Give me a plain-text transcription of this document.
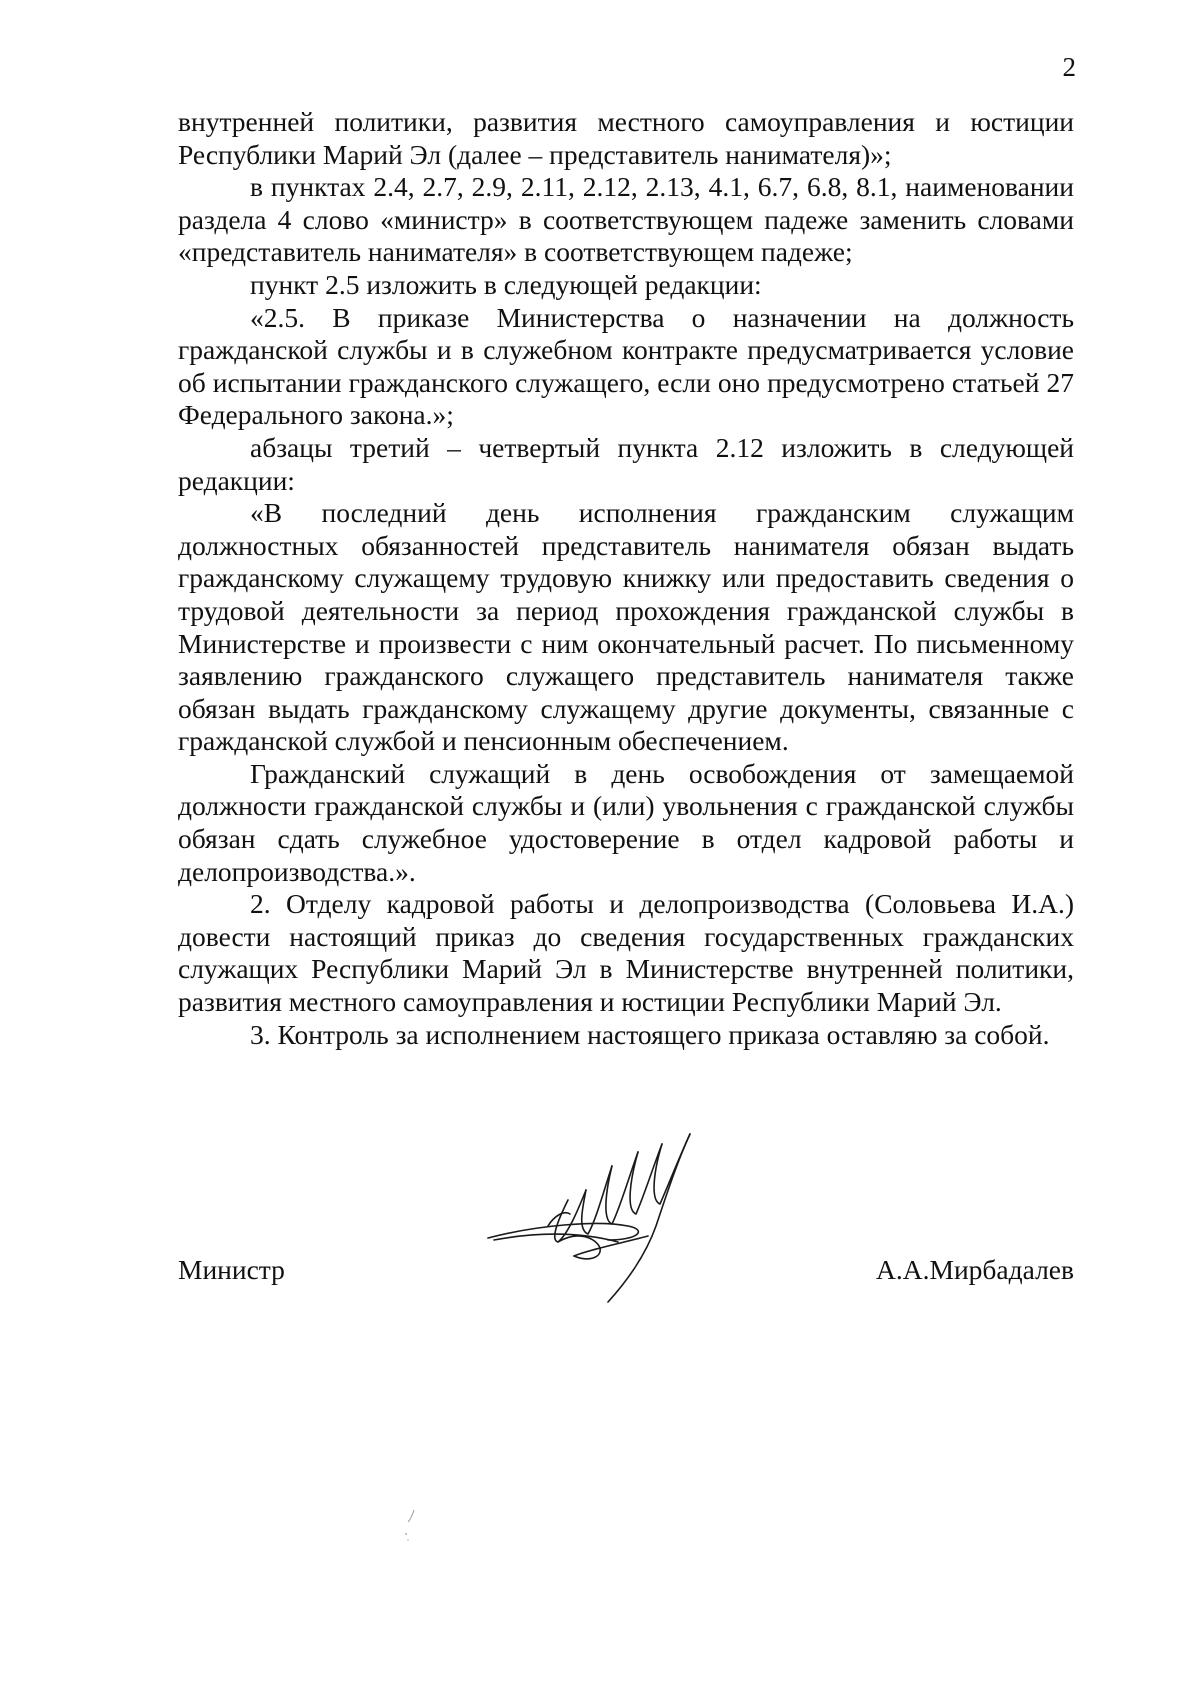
2

внутренней политики, развития местного самоуправления и юстиции Республики Марий Эл (далее – представитель нанимателя)»;

в пунктах 2.4, 2.7, 2.9, 2.11, 2.12, 2.13, 4.1, 6.7, 6.8, 8.1, наименовании раздела 4 слово «министр» в соответствующем падеже заменить словами «представитель нанимателя» в соответствующем падеже;

пункт 2.5 изложить в следующей редакции:

«2.5. В приказе Министерства о назначении на должность гражданской службы и в служебном контракте предусматривается условие об испытании гражданского служащего, если оно предусмотрено статьей 27 Федерального закона.»;

абзацы третий – четвертый пункта 2.12 изложить в следующей редакции:

«В последний день исполнения гражданским служащим должностных обязанностей представитель нанимателя обязан выдать гражданскому служащему трудовую книжку или предоставить сведения о трудовой деятельности за период прохождения гражданской службы в Министерстве и произвести с ним окончательный расчет. По письменному заявлению гражданского служащего представитель нанимателя также обязан выдать гражданскому служащему другие документы, связанные с гражданской службой и пенсионным обеспечением.

Гражданский служащий в день освобождения от замещаемой должности гражданской службы и (или) увольнения с гражданской службы обязан сдать служебное удостоверение в отдел кадровой работы и делопроизводства.».

2. Отделу кадровой работы и делопроизводства (Соловьева И.А.) довести настоящий приказ до сведения государственных гражданских служащих Республики Марий Эл в Министерстве внутренней политики, развития местного самоуправления и юстиции Республики Марий Эл.

3. Контроль за исполнением настоящего приказа оставляю за собой.

Министр	А.А.Мирбадалев
